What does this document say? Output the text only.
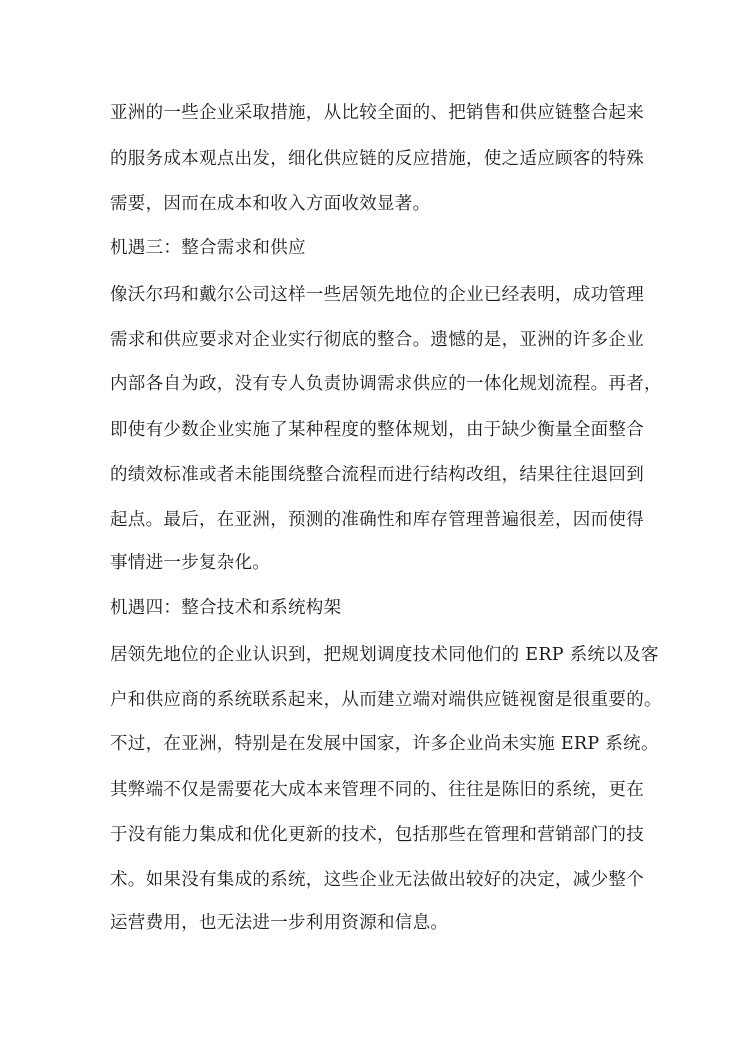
亚洲的一些企业采取措施，从比较全面的、把销售和供应链整合起来
的服务成本观点出发，细化供应链的反应措施，使之适应顾客的特殊
需要，因而在成本和收入方面收效显著。
机遇三：整合需求和供应
像沃尔玛和戴尔公司这样一些居领先地位的企业已经表明，成功管理
需求和供应要求对企业实行彻底的整合。遗憾的是，亚洲的许多企业
内部各自为政，没有专人负责协调需求供应的一体化规划流程。再者，
即使有少数企业实施了某种程度的整体规划，由于缺少衡量全面整合
的绩效标准或者未能围绕整合流程而进行结构改组，结果往往退回到
起点。最后，在亚洲，预测的准确性和库存管理普遍很差，因而使得
事情进一步复杂化。
机遇四：整合技术和系统构架
居领先地位的企业认识到，把规划调度技术同他们的 ERP 系统以及客
户和供应商的系统联系起来，从而建立端对端供应链视窗是很重要的。
不过，在亚洲，特别是在发展中国家，许多企业尚未实施 ERP 系统。
其弊端不仅是需要花大成本来管理不同的、往往是陈旧的系统，更在
于没有能力集成和优化更新的技术，包括那些在管理和营销部门的技
术。如果没有集成的系统，这些企业无法做出较好的决定，减少整个
运营费用，也无法进一步利用资源和信息。
